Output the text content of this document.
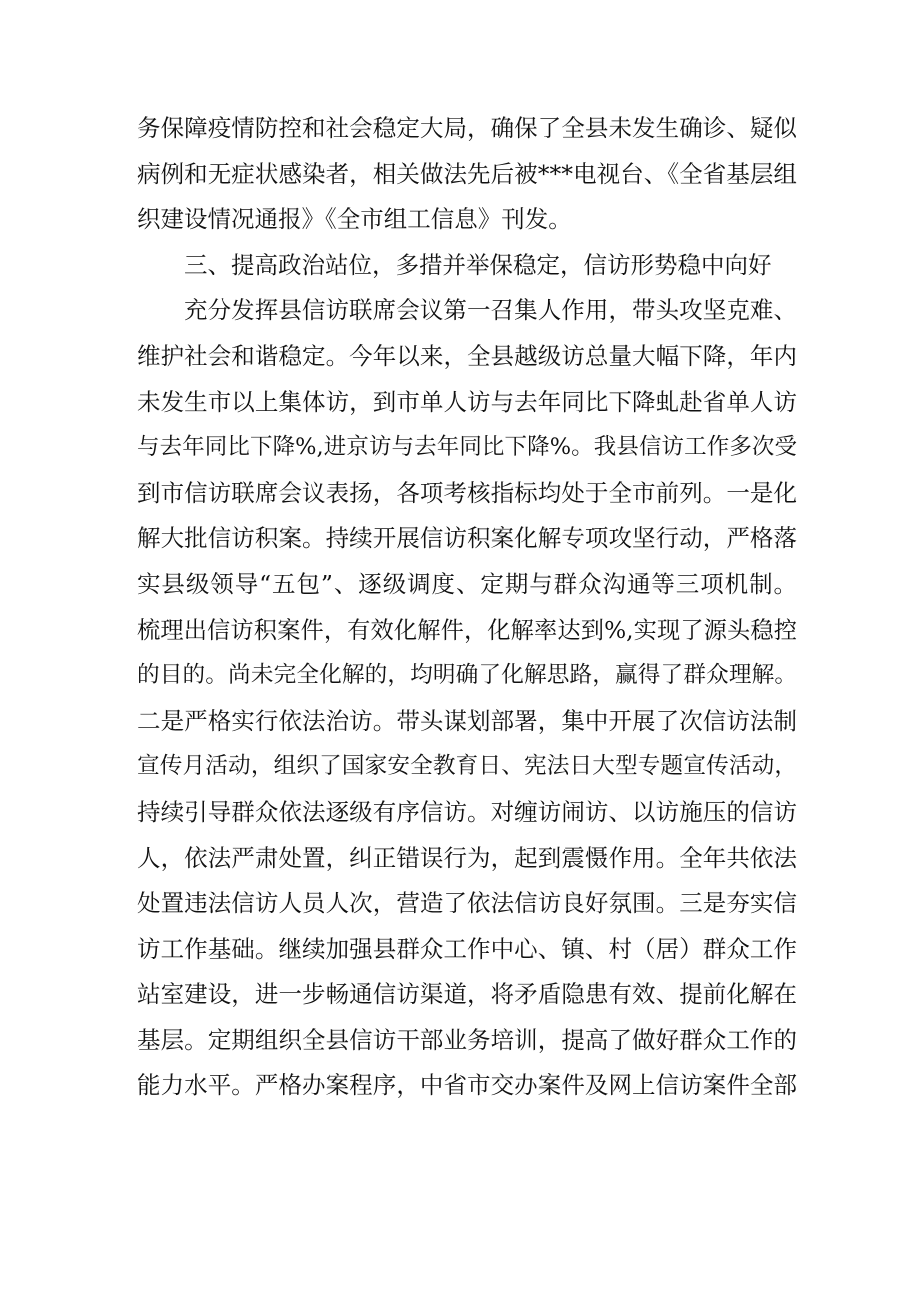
务保障疫情防控和社会稳定大局，确保了全县未发生确诊、疑似
病例和无症状感染者，相关做法先后被***电视台、《全省基层组
织建设情况通报》《全市组工信息》刊发。
三、提高政治站位，多措并举保稳定，信访形势稳中向好
充分发挥县信访联席会议第一召集人作用，带头攻坚克难、
维护社会和谐稳定。今年以来，全县越级访总量大幅下降，年内
未发生市以上集体访，到市单人访与去年同比下降虬赴省单人访
与去年同比下降%,进京访与去年同比下降%。我县信访工作多次受
到市信访联席会议表扬，各项考核指标均处于全市前列。一是化
解大批信访积案。持续开展信访积案化解专项攻坚行动，严格落
实县级领导“五包”、逐级调度、定期与群众沟通等三项机制。
梳理出信访积案件，有效化解件，化解率达到%,实现了源头稳控
的目的。尚未完全化解的，均明确了化解思路，赢得了群众理解。
二是严格实行依法治访。带头谋划部署，集中开展了次信访法制
宣传月活动，组织了国家安全教育日、宪法日大型专题宣传活动，
持续引导群众依法逐级有序信访。对缠访闹访、以访施压的信访
人，依法严肃处置，纠正错误行为，起到震慑作用。全年共依法
处置违法信访人员人次，营造了依法信访良好氛围。三是夯实信
访工作基础。继续加强县群众工作中心、镇、村（居）群众工作
站室建设，进一步畅通信访渠道，将矛盾隐患有效、提前化解在
基层。定期组织全县信访干部业务培训，提高了做好群众工作的
能力水平。严格办案程序，中省市交办案件及网上信访案件全部
